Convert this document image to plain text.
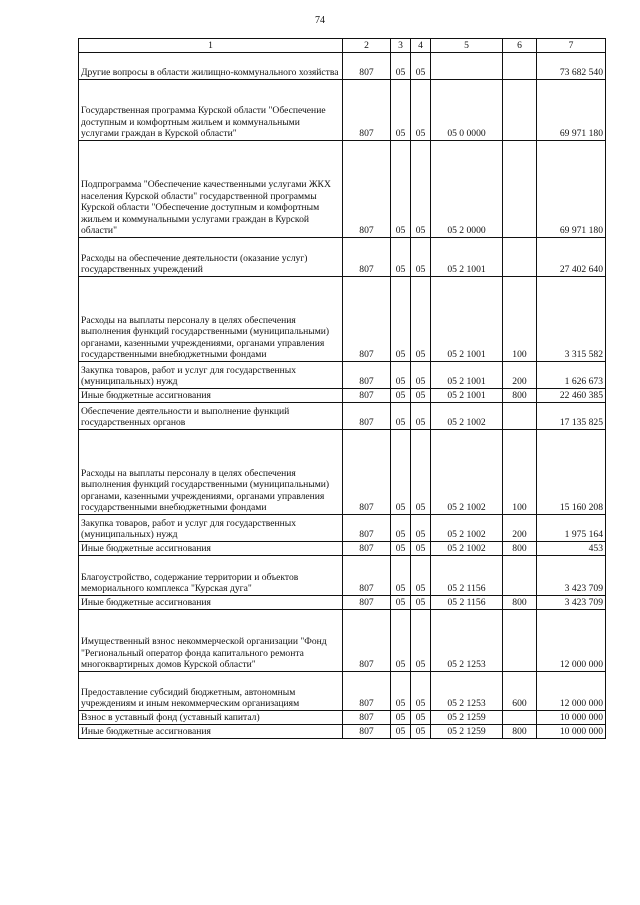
74
1	2	3	4	5	6	7
Другие вопросы в области жилищно-коммунального хозяйства	807	05	05			73 682 540
Государственная программа Курской области "Обеспечение доступным и комфортным жильем и коммунальными услугами граждан в Курской области"	807	05	05	05 0 0000		69 971 180
Подпрограмма "Обеспечение качественными услугами ЖКХ населения Курской области" государственной программы Курской области "Обеспечение доступным и комфортным жильем и коммунальными услугами граждан в Курской области"	807	05	05	05 2 0000		69 971 180
Расходы на обеспечение деятельности (оказание услуг) государственных учреждений	807	05	05	05 2 1001		27 402 640
Расходы на выплаты персоналу в целях обеспечения выполнения функций государственными (муниципальными) органами, казенными учреждениями, органами управления государственными внебюджетными фондами	807	05	05	05 2 1001	100	3 315 582
Закупка товаров, работ и услуг для государственных (муниципальных) нужд	807	05	05	05 2 1001	200	1 626 673
Иные бюджетные ассигнования	807	05	05	05 2 1001	800	22 460 385
Обеспечение деятельности и выполнение функций государственных органов	807	05	05	05 2 1002		17 135 825
Расходы на выплаты персоналу в целях обеспечения выполнения функций государственными (муниципальными) органами, казенными учреждениями, органами управления государственными внебюджетными фондами	807	05	05	05 2 1002	100	15 160 208
Закупка товаров, работ и услуг для государственных (муниципальных) нужд	807	05	05	05 2 1002	200	1 975 164
Иные бюджетные ассигнования	807	05	05	05 2 1002	800	453
Благоустройство, содержание территории и объектов мемориального комплекса "Курская дуга"	807	05	05	05 2 1156		3 423 709
Иные бюджетные ассигнования	807	05	05	05 2 1156	800	3 423 709
Имущественный взнос некоммерческой организации "Фонд "Региональный оператор фонда капитального ремонта многоквартирных домов Курской области"	807	05	05	05 2 1253		12 000 000
Предоставление субсидий бюджетным, автономным учреждениям и иным некоммерческим организациям	807	05	05	05 2 1253	600	12 000 000
Взнос в уставный фонд (уставный капитал)	807	05	05	05 2 1259		10 000 000
Иные бюджетные ассигнования	807	05	05	05 2 1259	800	10 000 000
